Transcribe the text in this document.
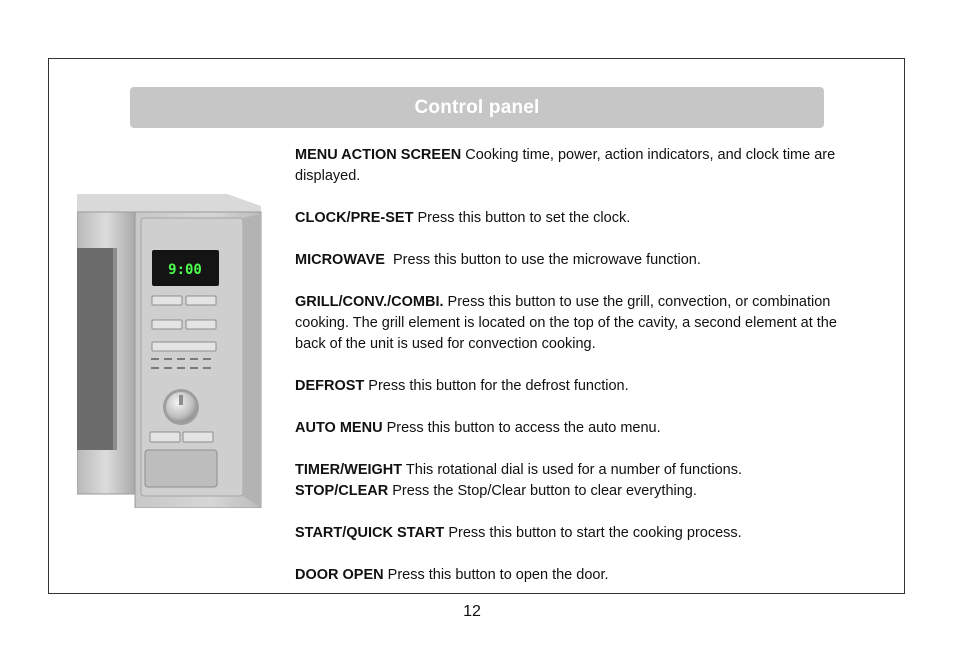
Control panel
9:00

MENU ACTION SCREEN Cooking time, power, action indicators, and clock time are displayed.

CLOCK/PRE-SET Press this button to set the clock.

MICROWAVE  Press this button to use the microwave function.

GRILL/CONV./COMBI. Press this button to use the grill, convection, or combination cooking. The grill element is located on the top of the cavity, a second element at the back of the unit is used for convection cooking.

DEFROST Press this button for the defrost function.

AUTO MENU Press this button to access the auto menu.

TIMER/WEIGHT This rotational dial is used for a number of functions.

STOP/CLEAR Press the Stop/Clear button to clear everything.

START/QUICK START Press this button to start the cooking process.

DOOR OPEN Press this button to open the door.

12
